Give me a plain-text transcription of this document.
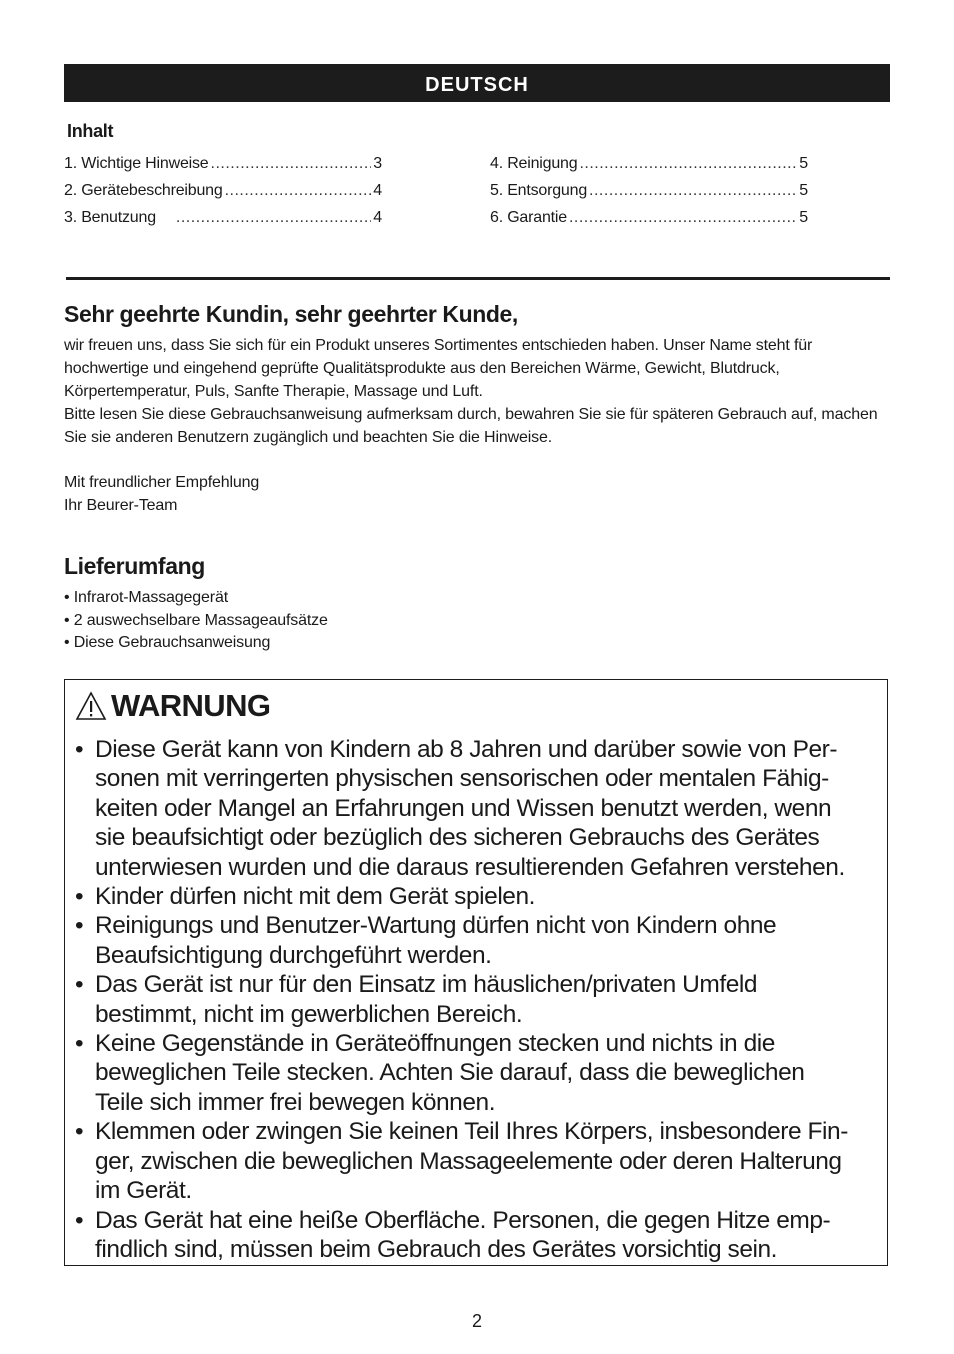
DEUTSCH
Inhalt
1. Wichtige Hinweise .....	3
2. Gerätebeschreibung .....	4
3. Benutzung .....	4
4. Reinigung .....	5
5. Entsorgung .....	5
6. Garantie .....	5
Sehr geehrte Kundin, sehr geehrter Kunde,

wir freuen uns, dass Sie sich für ein Produkt unseres Sortimentes entschieden haben. Unser Name steht für hochwertige und eingehend geprüfte Qualitätsprodukte aus den Bereichen Wärme, Gewicht, Blutdruck, Körpertemperatur, Puls, Sanfte Therapie, Massage und Luft.

Bitte lesen Sie diese Gebrauchsanweisung aufmerksam durch, bewahren Sie sie für späteren Gebrauch auf, machen Sie sie anderen Benutzern zugänglich und beachten Sie die Hinweise.

Mit freundlicher Empfehlung

Ihr Beurer-Team

Lieferumfang
• Infrarot-Massagegerät
• 2 auswechselbare Massageaufsätze
• Diese Gebrauchsanweisung
WARNUNG
• Diese Gerät kann von Kindern ab 8 Jahren und darüber sowie von Per-
sonen mit verringerten physischen sensorischen oder mentalen Fähig-
keiten oder Mangel an Erfahrungen und Wissen benutzt werden, wenn
sie beaufsichtigt oder bezüglich des sicheren Gebrauchs des Gerätes
unterwiesen wurden und die daraus resultierenden Gefahren verstehen.
• Kinder dürfen nicht mit dem Gerät spielen.
• Reinigungs und Benutzer-Wartung dürfen nicht von Kindern ohne
Beaufsichtigung durchgeführt werden.
• Das Gerät ist nur für den Einsatz im häuslichen/privaten Umfeld
bestimmt, nicht im gewerblichen Bereich.
• Keine Gegenstände in Geräteöffnungen stecken und nichts in die
beweglichen Teile stecken. Achten Sie darauf, dass die beweglichen
Teile sich immer frei bewegen können.
• Klemmen oder zwingen Sie keinen Teil Ihres Körpers, insbesondere Fin-
ger, zwischen die beweglichen Massageelemente oder deren Halterung
im Gerät.
• Das Gerät hat eine heiße Oberfläche. Personen, die gegen Hitze emp-
findlich sind, müssen beim Gebrauch des Gerätes vorsichtig sein.
2
